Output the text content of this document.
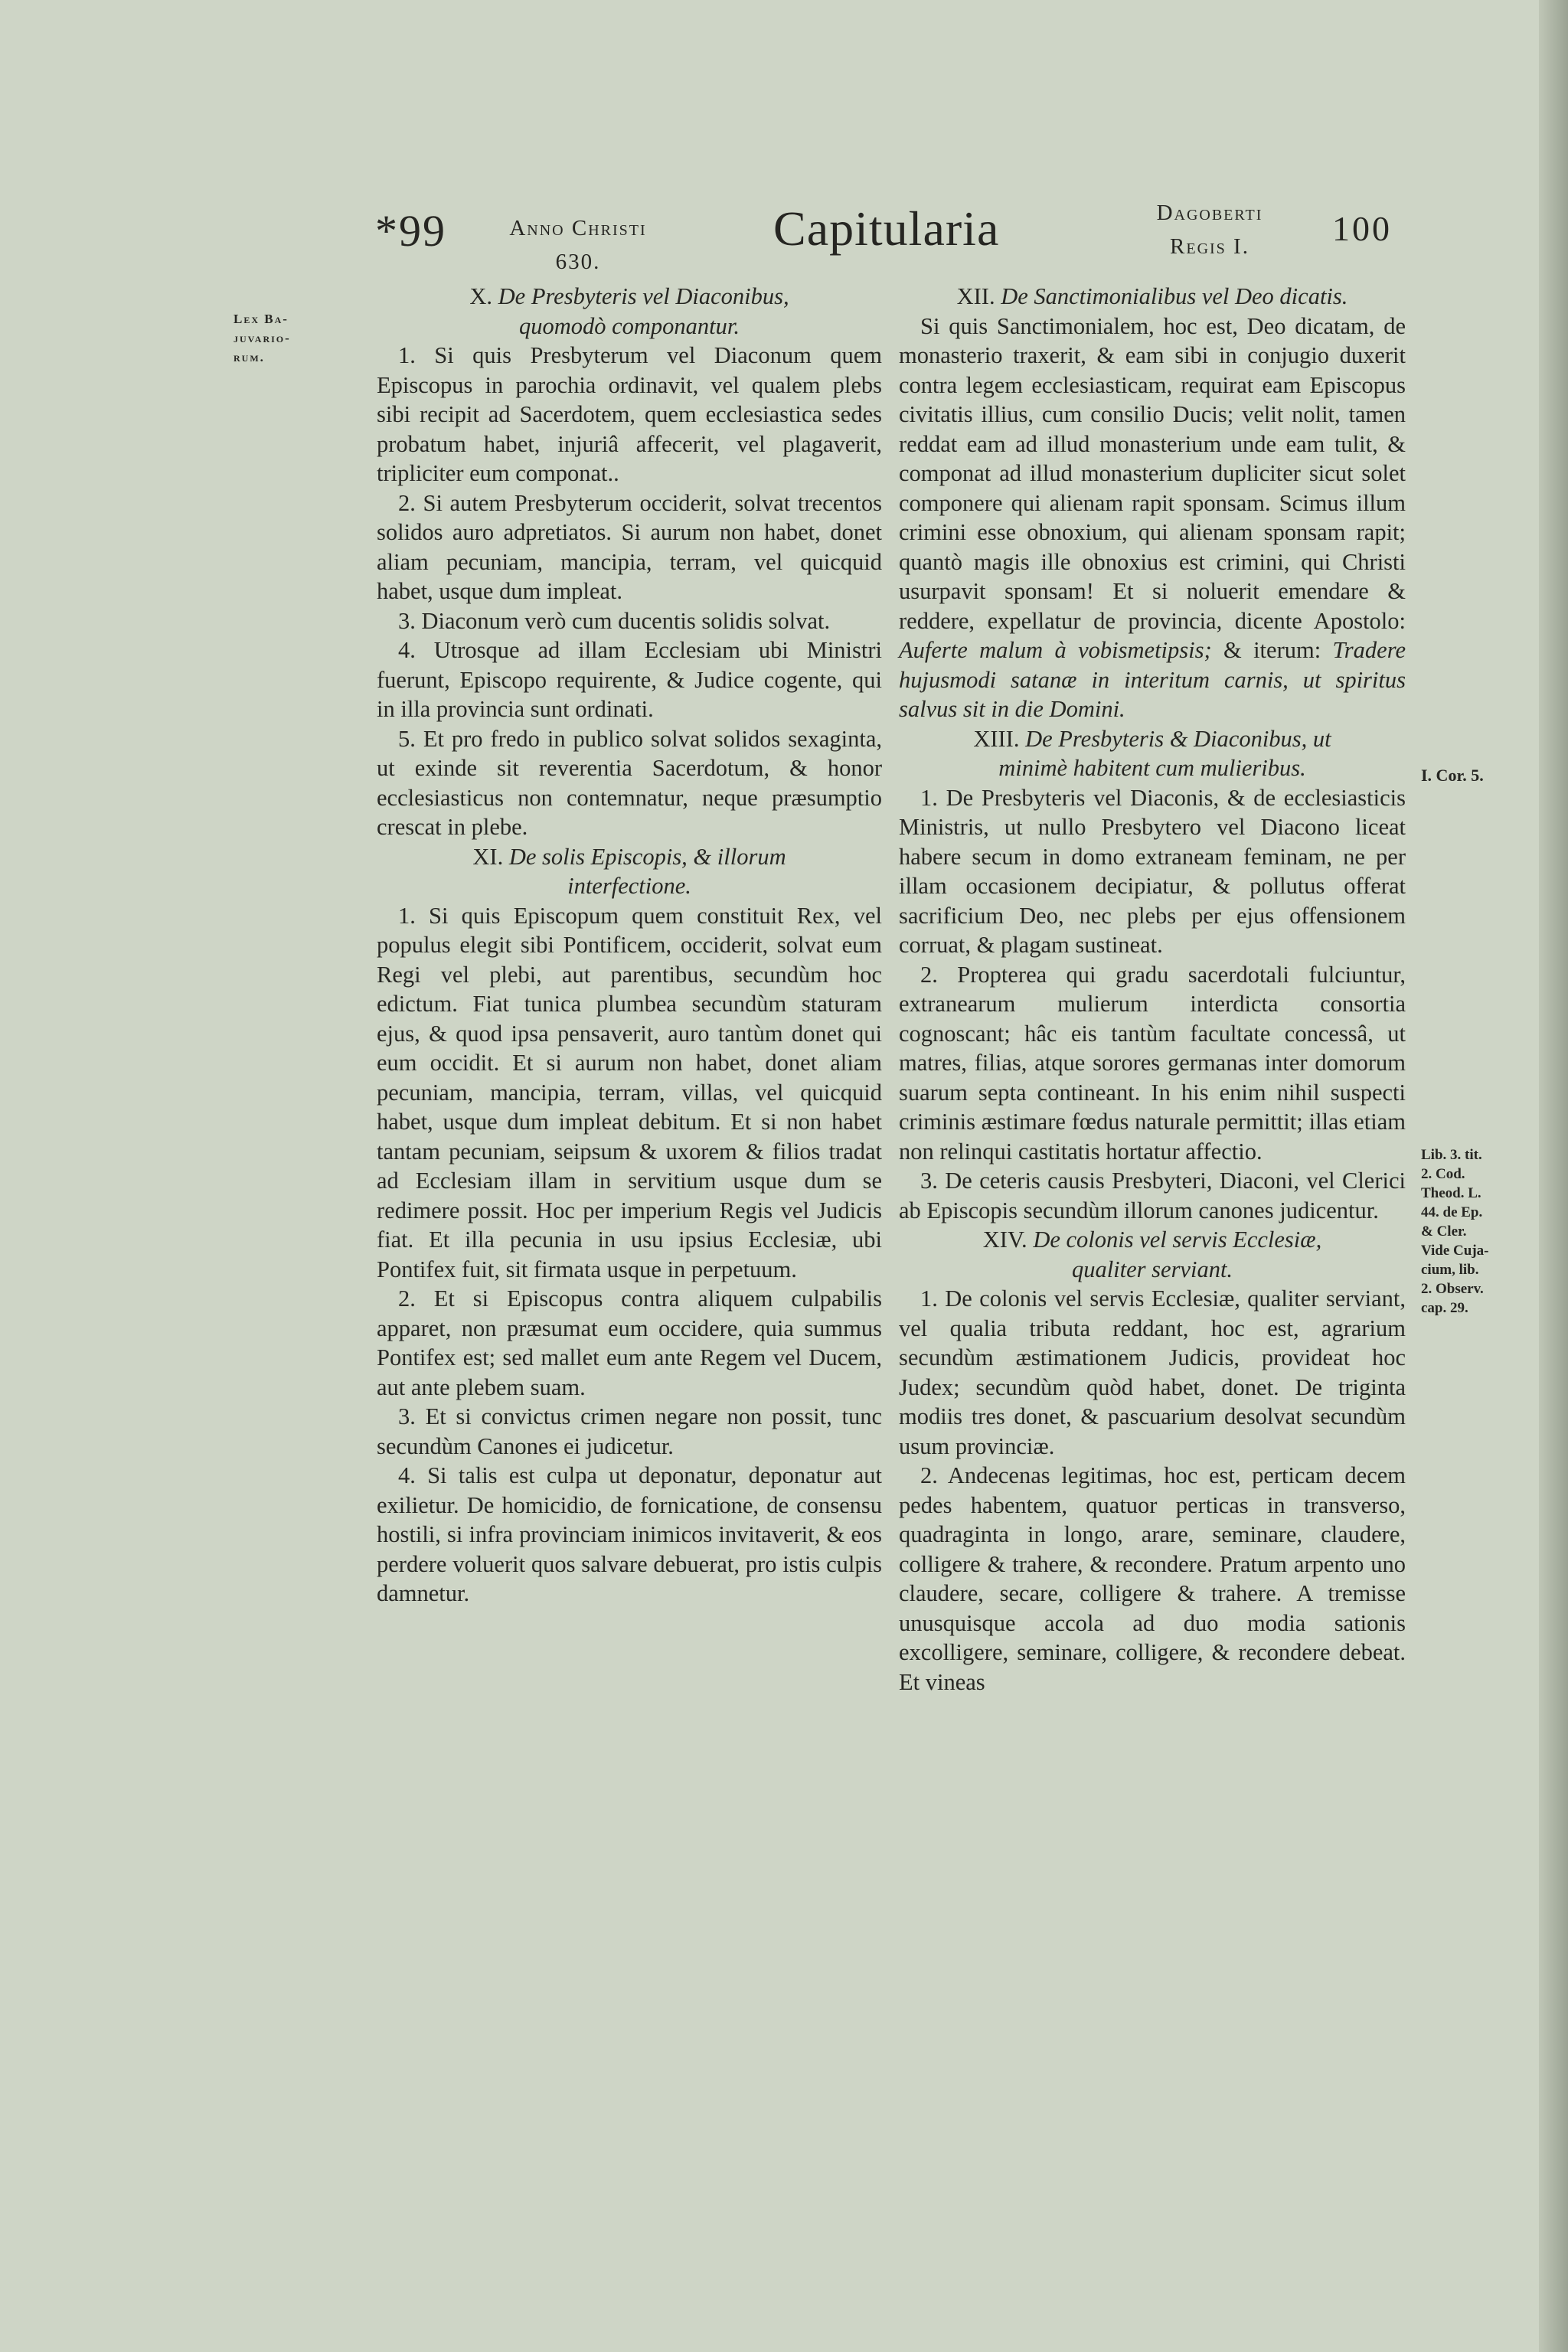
*99	Anno Christi
630.
Capitularia	Dagoberti
Regis I.	100
Lex Ba-
juvario-
rum.
X. De Presbyteris vel Diaconibus,
quomodò componantur.

1. Si quis Presbyterum vel Diaconum quem Episcopus in parochia ordinavit, vel qualem plebs sibi recipit ad Sacerdotem, quem ecclesiastica sedes probatum habet, injuriâ affecerit, vel plagaverit, tripliciter eum componat..

2. Si autem Presbyterum occiderit, solvat trecentos solidos auro adpretiatos. Si aurum non habet, donet aliam pecuniam, mancipia, terram, vel quicquid habet, usque dum impleat.

3. Diaconum verò cum ducentis solidis solvat.

4. Utrosque ad illam Ecclesiam ubi Ministri fuerunt, Episcopo requirente, & Judice cogente, qui in illa provincia sunt ordinati.

5. Et pro fredo in publico solvat solidos sexaginta, ut exinde sit reverentia Sacerdotum, & honor ecclesiasticus non contemnatur, neque præsumptio crescat in plebe.

XI. De solis Episcopis, & illorum
interfectione.

1. Si quis Episcopum quem constituit Rex, vel populus elegit sibi Pontificem, occiderit, solvat eum Regi vel plebi, aut parentibus, secundùm hoc edictum. Fiat tunica plumbea secundùm staturam ejus, & quod ipsa pensaverit, auro tantùm donet qui eum occidit. Et si aurum non habet, donet aliam pecuniam, mancipia, terram, villas, vel quicquid habet, usque dum impleat debitum. Et si non habet tantam pecuniam, seipsum & uxorem & filios tradat ad Ecclesiam illam in servitium usque dum se redimere possit. Hoc per imperium Regis vel Judicis fiat. Et illa pecunia in usu ipsius Ecclesiæ, ubi Pontifex fuit, sit firmata usque in perpetuum.

2. Et si Episcopus contra aliquem culpabilis apparet, non præsumat eum occidere, quia summus Pontifex est; sed mallet eum ante Regem vel Ducem, aut ante plebem suam.

3. Et si convictus crimen negare non possit, tunc secundùm Canones ei judicetur.

4. Si talis est culpa ut deponatur, deponatur aut exilietur. De homicidio, de fornicatione, de consensu hostili, si infra provinciam inimicos invitaverit, & eos perdere voluerit quos salvare debuerat, pro istis culpis damnetur.

XII. De Sanctimonialibus vel Deo dicatis.

Si quis Sanctimonialem, hoc est, Deo dicatam, de monasterio traxerit, & eam sibi in conjugio duxerit contra legem ecclesiasticam, requirat eam Episcopus civitatis illius, cum consilio Ducis; velit nolit, tamen reddat eam ad illud monasterium unde eam tulit, & componat ad illud monasterium dupliciter sicut solet componere qui alienam rapit sponsam. Scimus illum crimini esse obnoxium, qui alienam sponsam rapit; quantò magis ille obnoxius est crimini, qui Christi usurpavit sponsam! Et si noluerit emendare & reddere, expellatur de provincia, dicente Apostolo: Auferte malum à vobismetipsis; & iterum: Tradere hujusmodi satanæ in interitum carnis, ut spiritus salvus sit in die Domini.

XIII. De Presbyteris & Diaconibus, ut
minimè habitent cum mulieribus.

1. De Presbyteris vel Diaconis, & de ecclesiasticis Ministris, ut nullo Presbytero vel Diacono liceat habere secum in domo extraneam feminam, ne per illam occasionem decipiatur, & pollutus offerat sacrificium Deo, nec plebs per ejus offensionem corruat, & plagam sustineat.

2. Propterea qui gradu sacerdotali fulciuntur, extranearum mulierum interdicta consortia cognoscant; hâc eis tantùm facultate concessâ, ut matres, filias, atque sorores germanas inter domorum suarum septa contineant. In his enim nihil suspecti criminis æstimare fœdus naturale permittit; illas etiam non relinqui castitatis hortatur affectio.

3. De ceteris causis Presbyteri, Diaconi, vel Clerici ab Episcopis secundùm illorum canones judicentur.

XIV. De colonis vel servis Ecclesiæ,
qualiter serviant.

1. De colonis vel servis Ecclesiæ, qualiter serviant, vel qualia tributa reddant, hoc est, agrarium secundùm æstimationem Judicis, provideat hoc Judex; secundùm quòd habet, donet. De triginta modiis tres donet, & pascuarium desolvat secundùm usum provinciæ.

2. Andecenas legitimas, hoc est, perticam decem pedes habentem, quatuor perticas in transverso, quadraginta in longo, arare, seminare, claudere, colligere & trahere, & recondere. Pratum arpento uno claudere, secare, colligere & trahere. A tremisse unusquisque accola ad duo modia sationis excolligere, seminare, colligere, & recondere debeat. Et vineas

I. Cor. 5.
Lib. 3. tit.
2. Cod.
Theod. L.
44. de Ep.
& Cler.
Vide Cuja-
cium, lib.
2. Observ.
cap. 29.
